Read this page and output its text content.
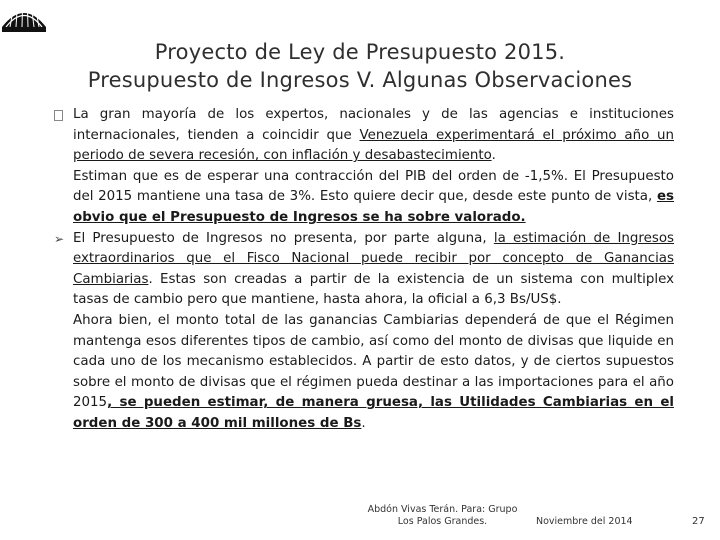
Proyecto de Ley de Presupuesto 2015.
Presupuesto de Ingresos V. Algunas Observaciones

La gran mayoría de los expertos, nacionales y de las agencias e instituciones internacionales, tienden a coincidir que Venezuela experimentará el próximo año un periodo de severa recesión, con inflación y desabastecimiento.

Estiman que es de esperar una contracción del PIB del orden de -1,5%. El Presupuesto del 2015 mantiene una tasa de 3%. Esto quiere decir que, desde este punto de vista, es obvio que el Presupuesto de Ingresos se ha sobre valorado.

➢ El Presupuesto de Ingresos no presenta, por parte alguna, la estimación de Ingresos extraordinarios que el Fisco Nacional puede recibir por concepto de Ganancias Cambiarias. Estas son creadas a partir de la existencia de un sistema con multiplex tasas de cambio pero que mantiene, hasta ahora, la oficial a 6,3 Bs/US$.

Ahora bien, el monto total de las ganancias Cambiarias dependerá de que el Régimen mantenga esos diferentes tipos de cambio, así como del monto de divisas que liquide en cada uno de los mecanismo establecidos. A partir de esto datos, y de ciertos supuestos sobre el monto de divisas que el régimen pueda destinar a las importaciones para el año 2015, se pueden estimar, de manera gruesa, las Utilidades Cambiarias en el orden de 300 a 400 mil millones de Bs.

Abdón Vivas Terán. Para: Grupo
Los Palos Grandes.	Noviembre del 2014	27
